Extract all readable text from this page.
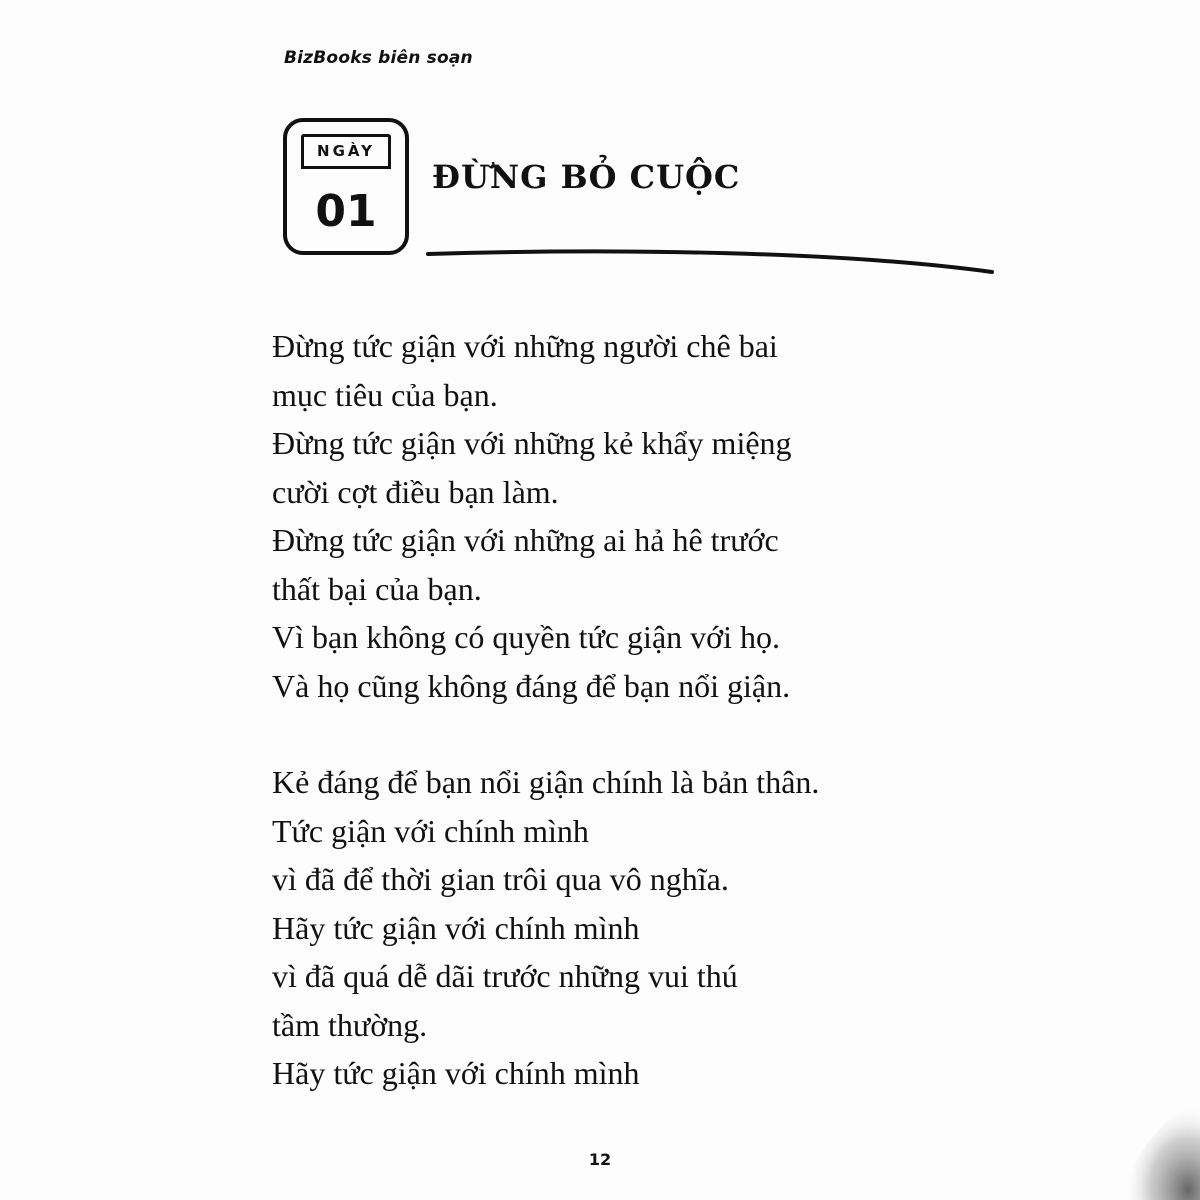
BizBooks biên soạn
NGÀY
01
ĐỪNG BỎ CUỘC
Đừng tức giận với những người chê bai
mục tiêu của bạn.
Đừng tức giận với những kẻ khẩy miệng
cười cợt điều bạn làm.
Đừng tức giận với những ai hả hê trước
thất bại của bạn.
Vì bạn không có quyền tức giận với họ.
Và họ cũng không đáng để bạn nổi giận.
Kẻ đáng để bạn nổi giận chính là bản thân.
Tức giận với chính mình
vì đã để thời gian trôi qua vô nghĩa.
Hãy tức giận với chính mình
vì đã quá dễ dãi trước những vui thú
tầm thường.
Hãy tức giận với chính mình
12
